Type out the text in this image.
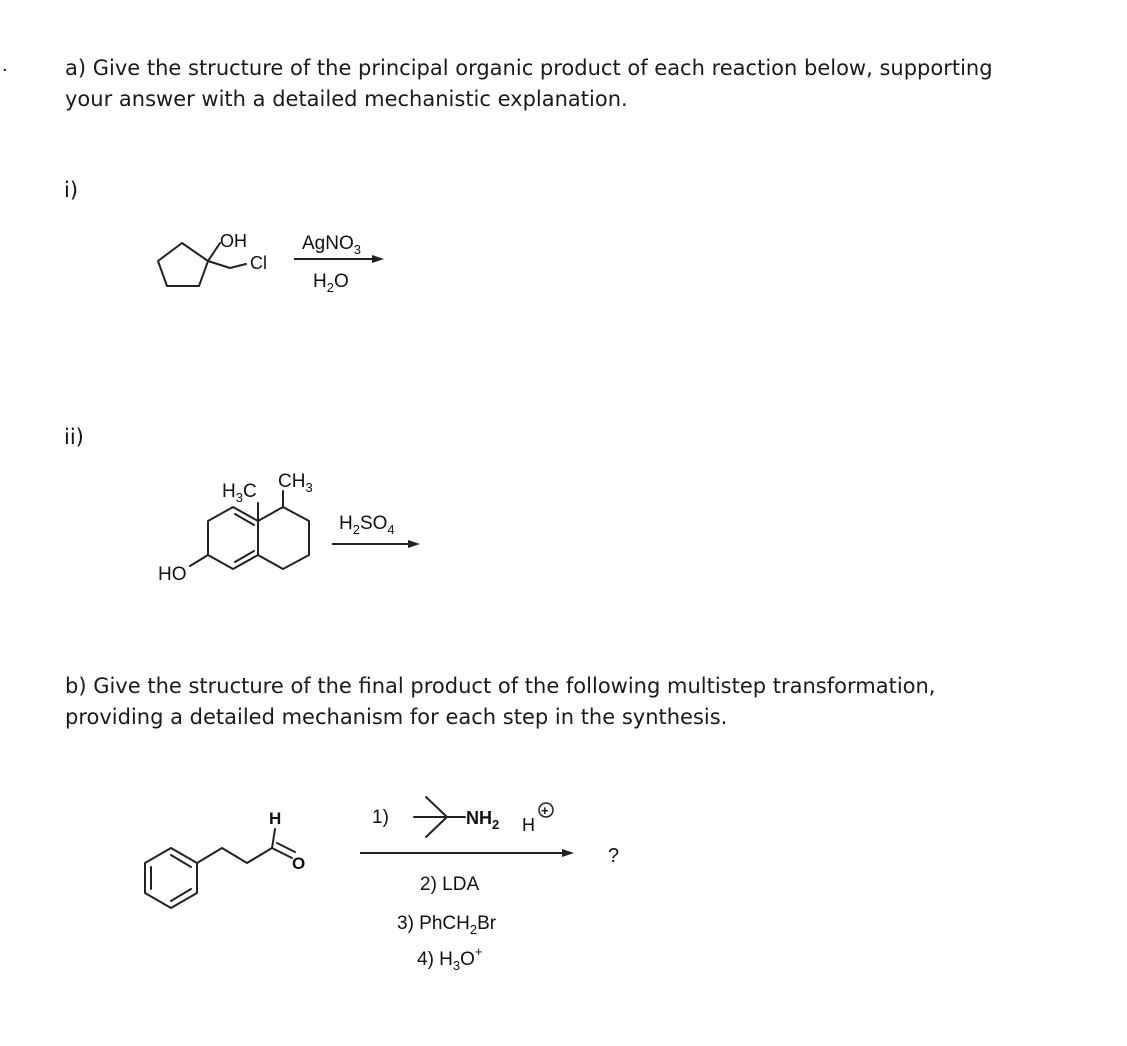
.	a) Give the structure of the principal organic product of each reaction below, supporting
your answer with a detailed mechanistic explanation.
i)
ii)
b) Give the structure of the final product of the following multistep transformation,
providing a detailed mechanism for each step in the synthesis.
OH
Cl
AgNO$_3$
$H_2O$
$H_3C$ $CH_3$
HO
$H_2SO_4$
H
O
1)	$NH_2$ H
+
?
2) LDA
3) PhCH$_2$Br
4) $H_3O^+$
